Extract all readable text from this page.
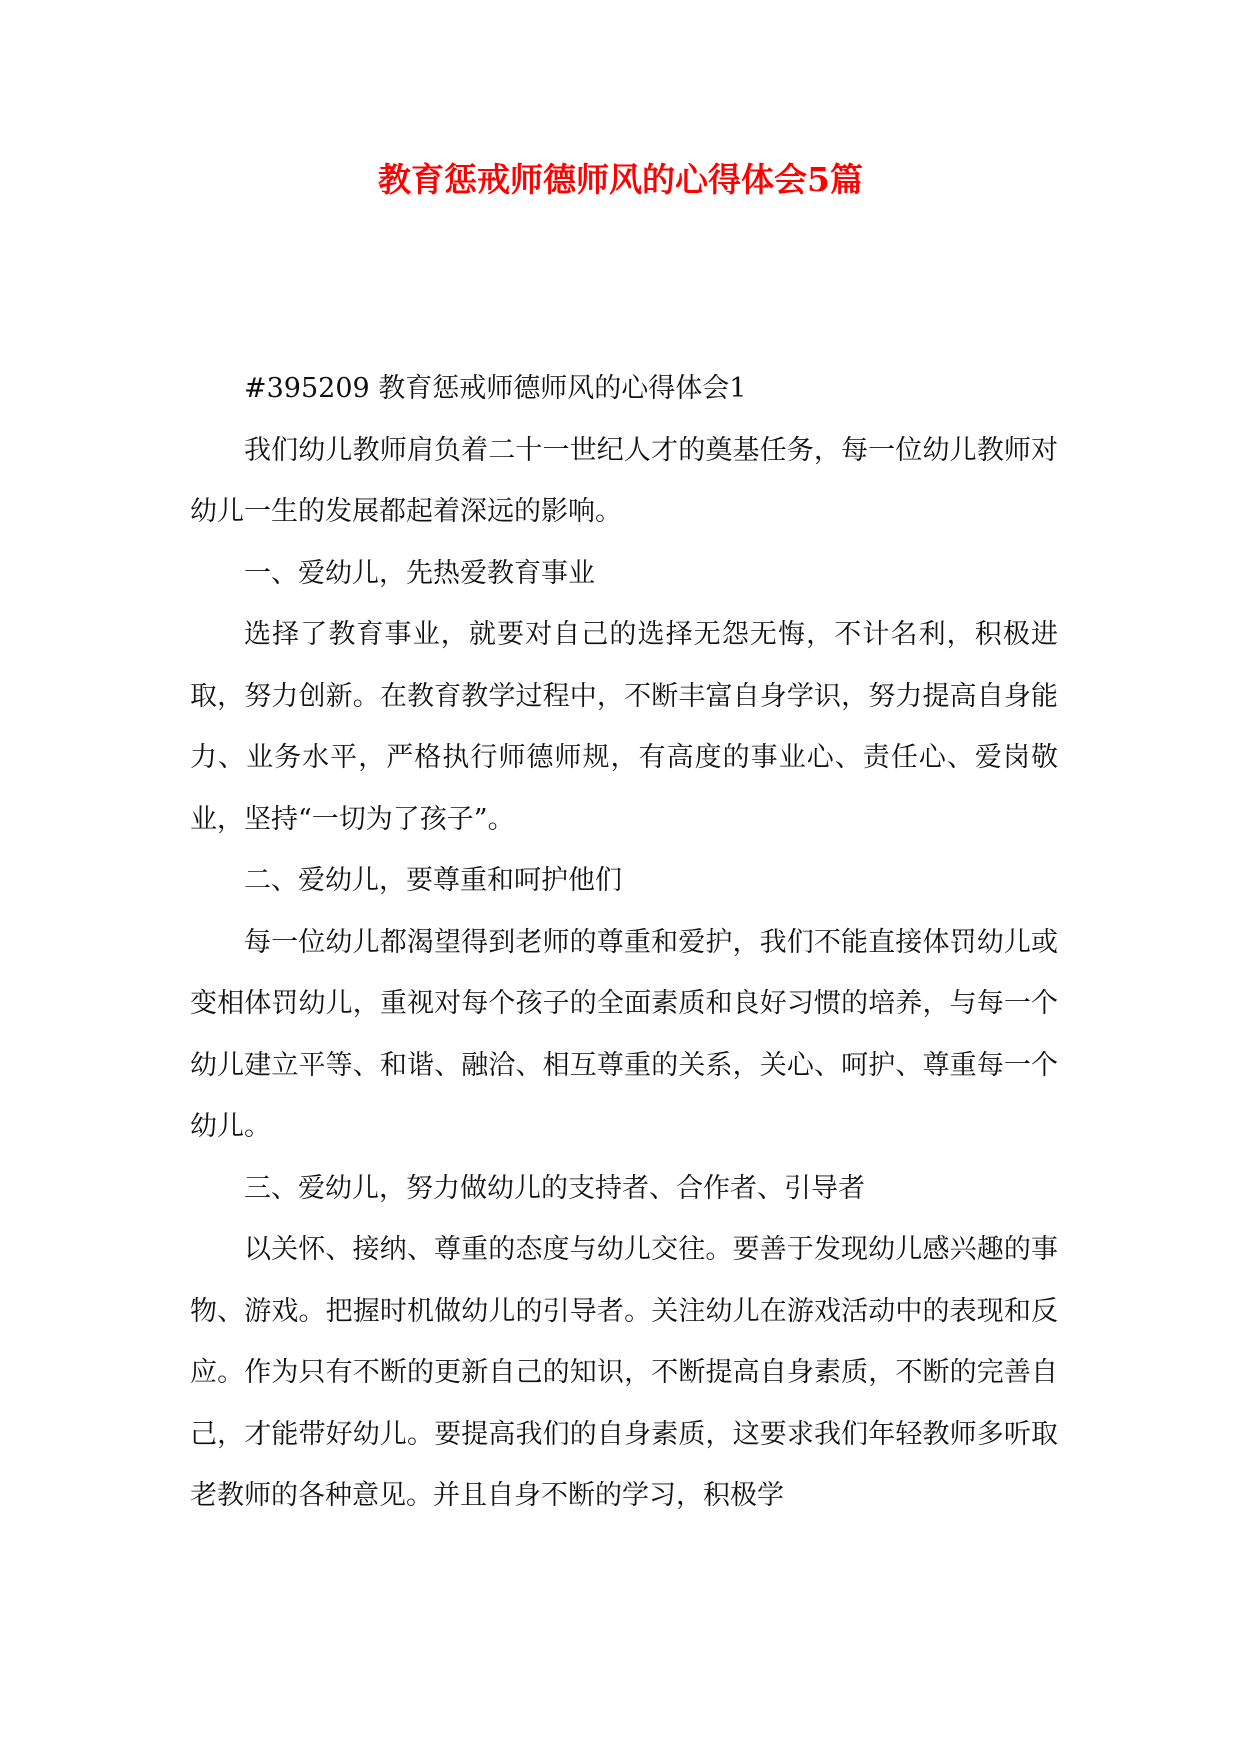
教育惩戒师德师风的心得体会5篇

#395209 教育惩戒师德师风的心得体会1

我们幼儿教师肩负着二十一世纪人才的奠基任务，每一位幼儿教师对幼儿一生的发展都起着深远的影响。

一、爱幼儿，先热爱教育事业

选择了教育事业，就要对自己的选择无怨无悔，不计名利，积极进取，努力创新。在教育教学过程中，不断丰富自身学识，努力提高自身能力、业务水平，严格执行师德师规，有高度的事业心、责任心、爱岗敬业，坚持“一切为了孩子”。

二、爱幼儿，要尊重和呵护他们

每一位幼儿都渴望得到老师的尊重和爱护，我们不能直接体罚幼儿或变相体罚幼儿，重视对每个孩子的全面素质和良好习惯的培养，与每一个幼儿建立平等、和谐、融洽、相互尊重的关系，关心、呵护、尊重每一个幼儿。

三、爱幼儿，努力做幼儿的支持者、合作者、引导者

以关怀、接纳、尊重的态度与幼儿交往。要善于发现幼儿感兴趣的事物、游戏。把握时机做幼儿的引导者。关注幼儿在游戏活动中的表现和反应。作为只有不断的更新自己的知识，不断提高自身素质，不断的完善自己，才能带好幼儿。要提高我们的自身素质，这要求我们年轻教师多听取老教师的各种意见。并且自身不断的学习，积极学
